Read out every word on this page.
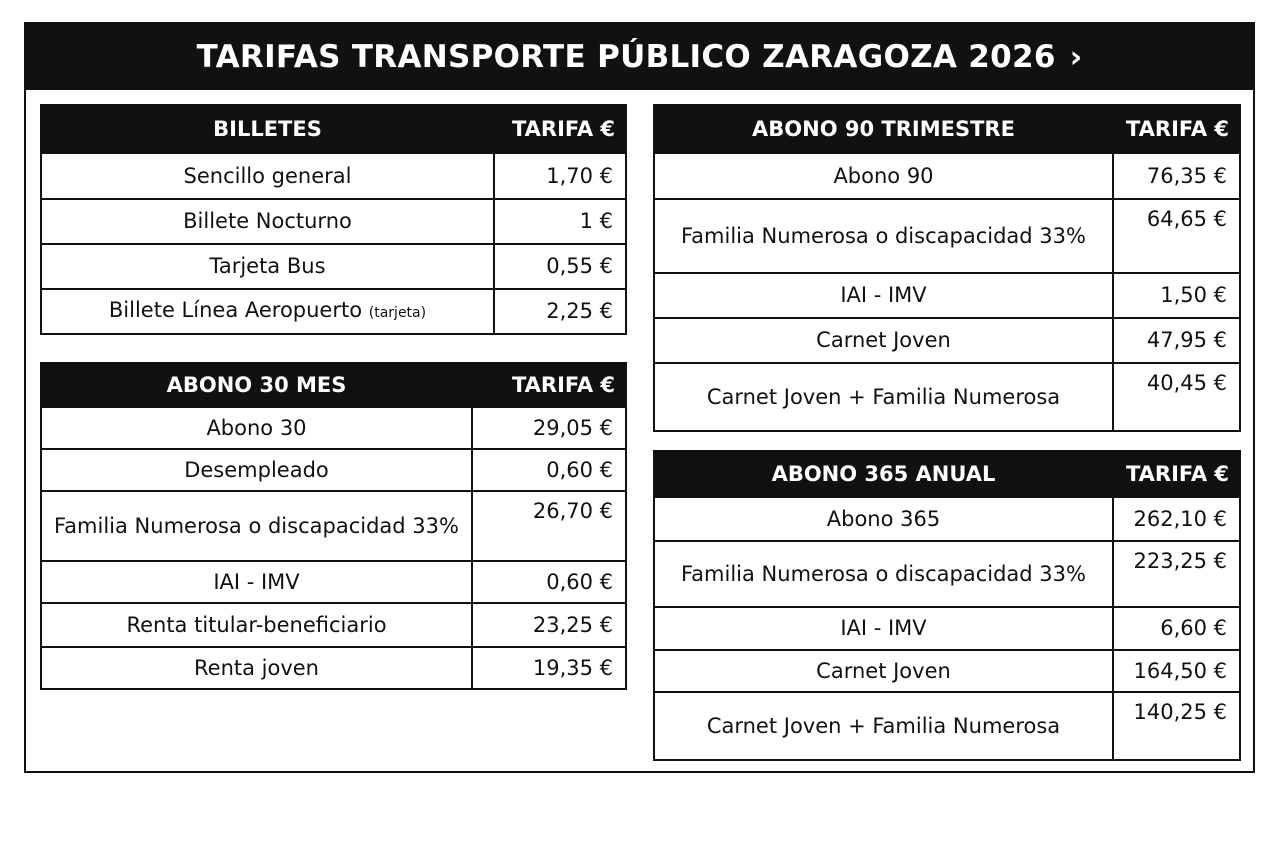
TARIFAS TRANSPORTE PÚBLICO ZARAGOZA 2026 ›
BILLETES	TARIFA €
Sencillo general	1,70 €
Billete Nocturno	1 €
Tarjeta Bus	0,55 €
Billete Línea Aeropuerto (tarjeta)	2,25 €
ABONO 30 MES	TARIFA €
Abono 30	29,05 €
Desempleado	0,60 €
Familia Numerosa o discapacidad 33%	26,70 €
IAI - IMV	0,60 €
Renta titular-beneficiario	23,25 €
Renta joven	19,35 €
ABONO 90 TRIMESTRE	TARIFA €
Abono 90	76,35 €
Familia Numerosa o discapacidad 33%	64,65 €
IAI - IMV	1,50 €
Carnet Joven	47,95 €
Carnet Joven + Familia Numerosa	40,45 €
ABONO 365 ANUAL	TARIFA €
Abono 365	262,10 €
Familia Numerosa o discapacidad 33%	223,25 €
IAI - IMV	6,60 €
Carnet Joven	164,50 €
Carnet Joven + Familia Numerosa	140,25 €
